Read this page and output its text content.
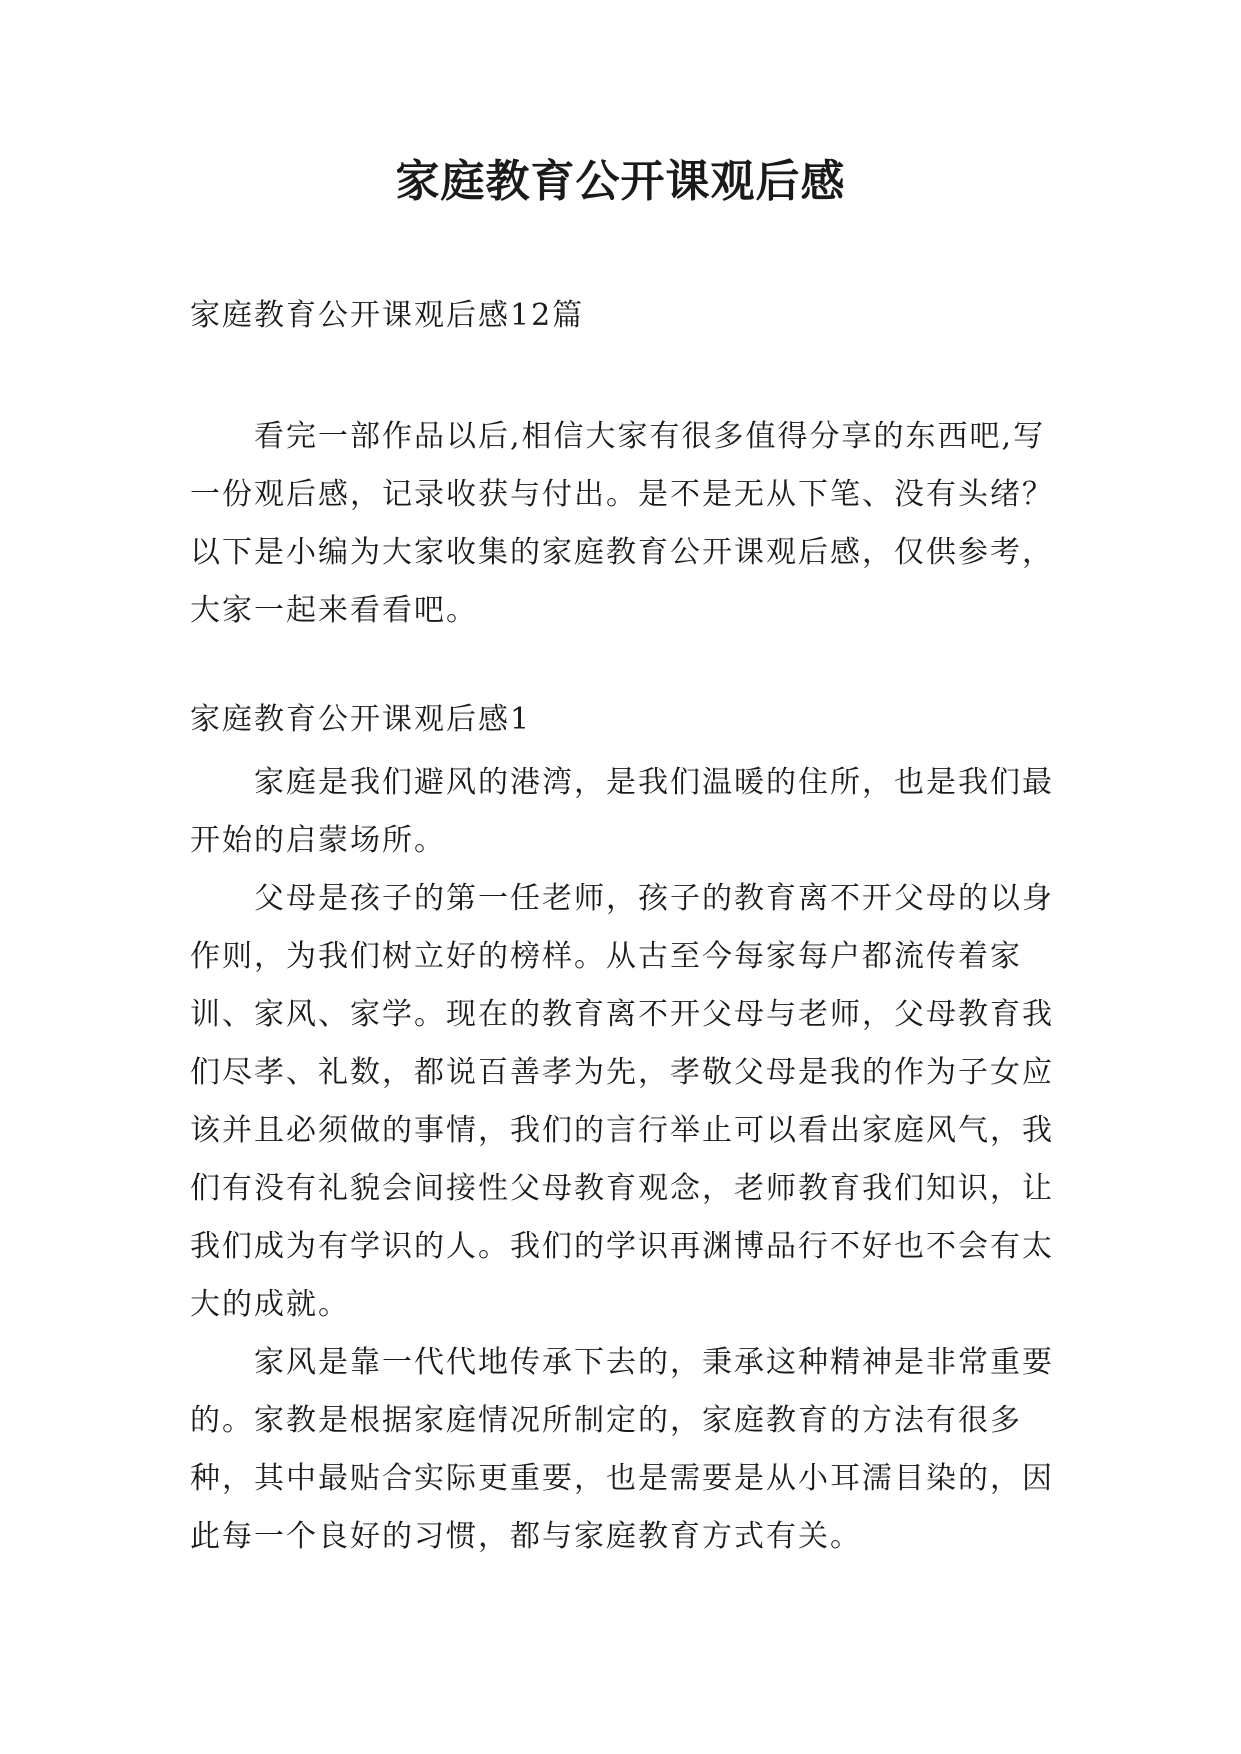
家庭教育公开课观后感
家庭教育公开课观后感12篇

看完一部作品以后,相信大家有很多值得分享的东西吧,写一份观后感，记录收获与付出。是不是无从下笔、没有头绪？以下是小编为大家收集的家庭教育公开课观后感，仅供参考，大家一起来看看吧。

家庭教育公开课观后感1

家庭是我们避风的港湾，是我们温暖的住所，也是我们最开始的启蒙场所。

父母是孩子的第一任老师，孩子的教育离不开父母的以身作则，为我们树立好的榜样。从古至今每家每户都流传着家训、家风、家学。现在的教育离不开父母与老师，父母教育我们尽孝、礼数，都说百善孝为先，孝敬父母是我的作为子女应该并且必须做的事情，我们的言行举止可以看出家庭风气，我们有没有礼貌会间接性父母教育观念，老师教育我们知识，让我们成为有学识的人。我们的学识再渊博品行不好也不会有太大的成就。

家风是靠一代代地传承下去的，秉承这种精神是非常重要的。家教是根据家庭情况所制定的，家庭教育的方法有很多种，其中最贴合实际更重要，也是需要是从小耳濡目染的，因此每一个良好的习惯，都与家庭教育方式有关。
